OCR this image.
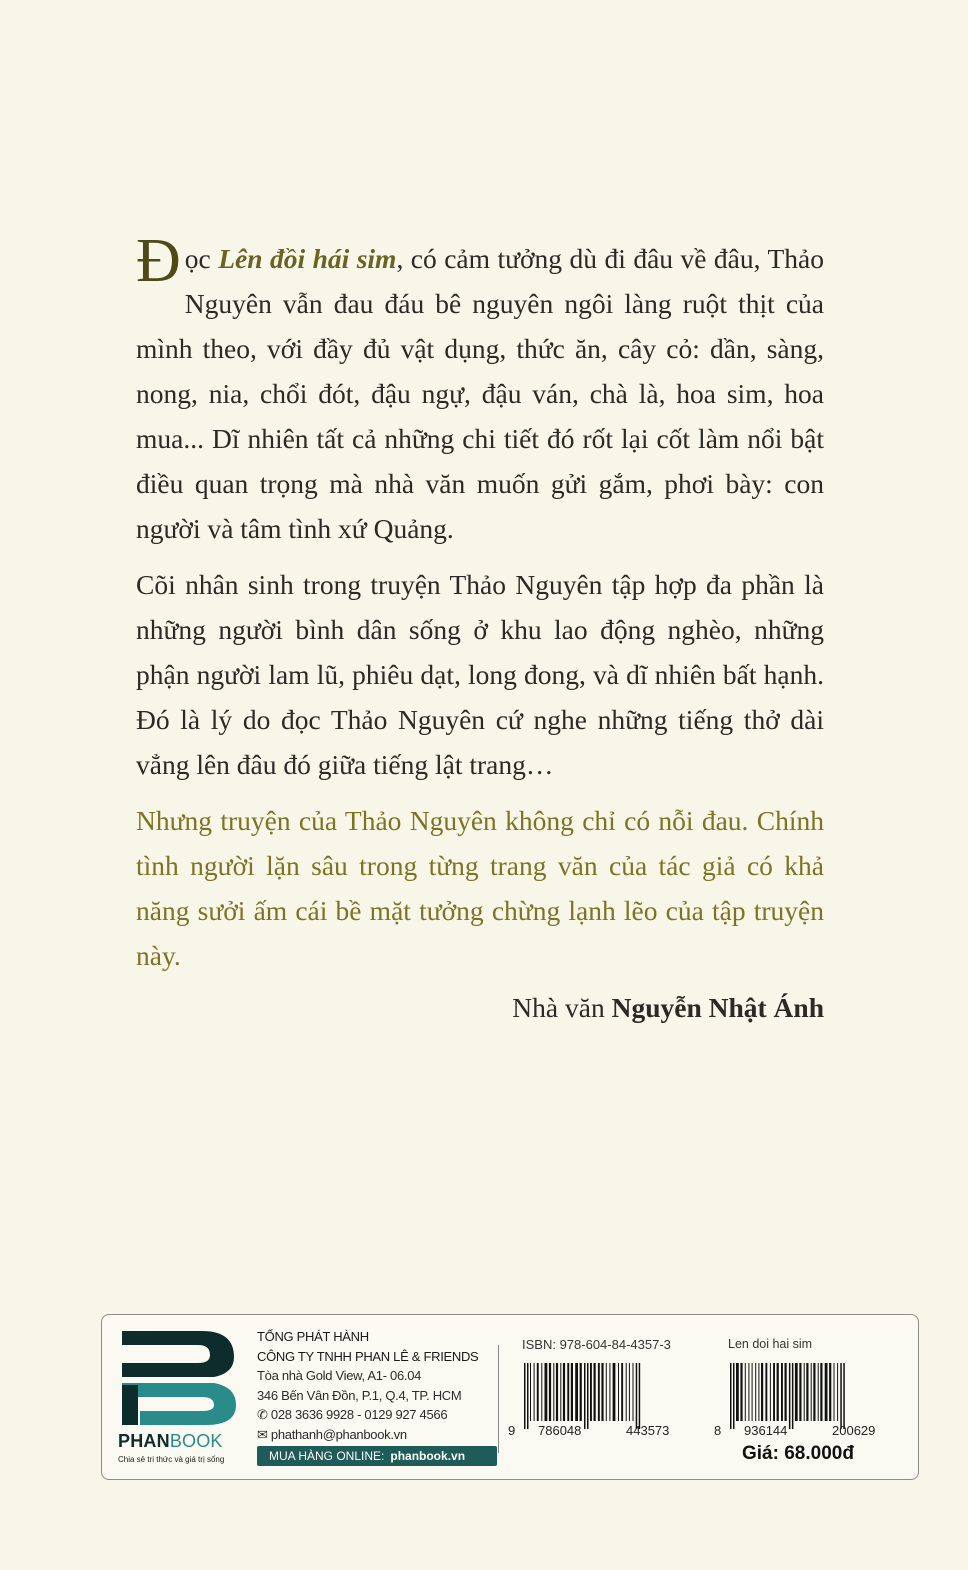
Đọc Lên đồi hái sim, có cảm tưởng dù đi đâu về đâu, Thảo Nguyên vẫn đau đáu bê nguyên ngôi làng ruột thịt của mình theo, với đầy đủ vật dụng, thức ăn, cây cỏ: dần, sàng, nong, nia, chổi đót, đậu ngự, đậu ván, chà là, hoa sim, hoa mua... Dĩ nhiên tất cả những chi tiết đó rốt lại cốt làm nổi bật điều quan trọng mà nhà văn muốn gửi gắm, phơi bày: con người và tâm tình xứ Quảng.

Cõi nhân sinh trong truyện Thảo Nguyên tập hợp đa phần là những người bình dân sống ở khu lao động nghèo, những phận người lam lũ, phiêu dạt, long đong, và dĩ nhiên bất hạnh. Đó là lý do đọc Thảo Nguyên cứ nghe những tiếng thở dài vẳng lên đâu đó giữa tiếng lật trang…

Nhưng truyện của Thảo Nguyên không chỉ có nỗi đau. Chính tình người lặn sâu trong từng trang văn của tác giả có khả năng sưởi ấm cái bề mặt tưởng chừng lạnh lẽo của tập truyện này.

Nhà văn Nguyễn Nhật Ánh
PHANBOOK
Chia sẻ tri thức và giá trị sống
TỔNG PHÁT HÀNH
CÔNG TY TNHH PHAN LÊ & FRIENDS
Tòa nhà Gold View, A1- 06.04
346 Bến Vân Đồn, P.1, Q.4, TP. HCM
✆ 028 3636 9928 - 0129 927 4566
✉ phathanh@phanbook.vn
MUA HÀNG ONLINE: phanbook.vn
ISBN: 978-604-84-4357-3	Len doi hai sim
9 786048	443573	8 936144	200629
Giá: 68.000đ
